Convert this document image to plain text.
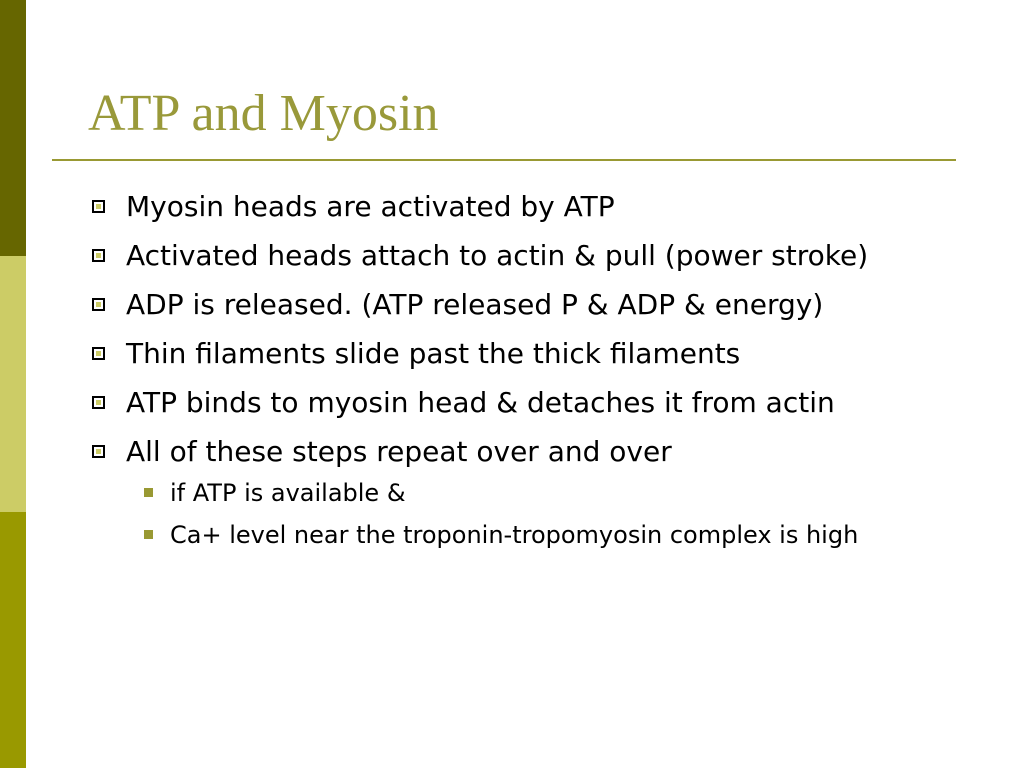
ATP and Myosin
Myosin heads are activated by ATP
Activated heads attach to actin & pull (power stroke)
ADP is released. (ATP released P & ADP & energy)
Thin filaments slide past the thick filaments
ATP binds to myosin head & detaches it from actin
All of these steps repeat over and over
if ATP is available &
Ca+ level near the troponin-tropomyosin complex is high
